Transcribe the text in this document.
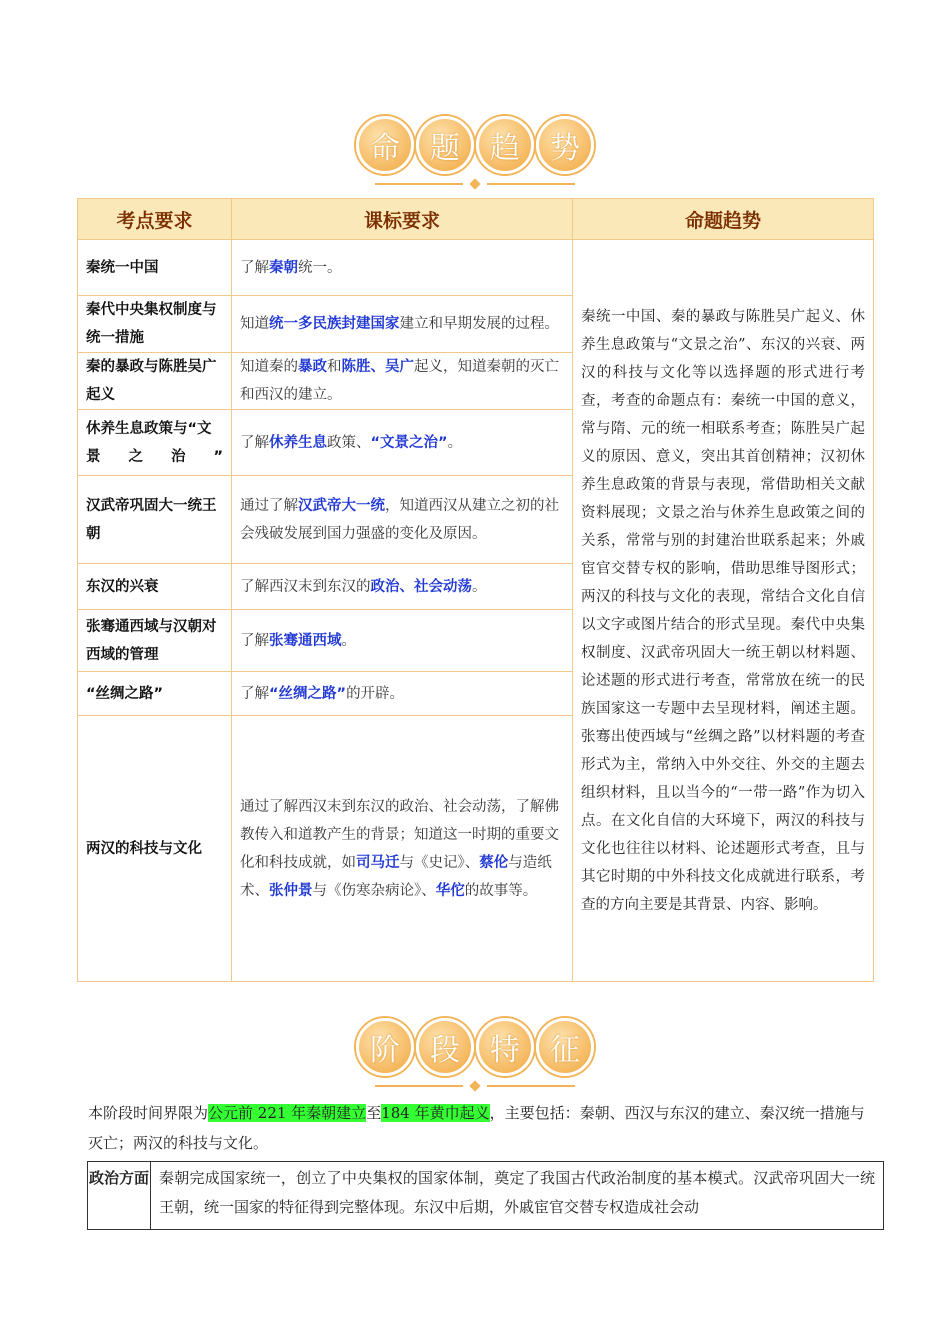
命	题	趋	势
考点要求	课标要求	命题趋势
秦统一中国	了解秦朝统一。	秦统一中国、秦的暴政与陈胜吴广起义、休养生息政策与“文景之治”、东汉的兴衰、两汉的科技与文化等以选择题的形式进行考查，考查的命题点有：秦统一中国的意义，常与隋、元的统一相联系考查；陈胜吴广起义的原因、意义，突出其首创精神；汉初休养生息政策的背景与表现，常借助相关文献资料展现；文景之治与休养生息政策之间的关系，常常与别的封建治世联系起来；外戚宦官交替专权的影响，借助思维导图形式；两汉的科技与文化的表现，常结合文化自信以文字或图片结合的形式呈现。秦代中央集权制度、汉武帝巩固大一统王朝以材料题、论述题的形式进行考查，常常放在统一的民族国家这一专题中去呈现材料，阐述主题。张骞出使西域与“丝绸之路”以材料题的考查形式为主，常纳入中外交往、外交的主题去组织材料，且以当今的“一带一路”作为切入点。在文化自信的大环境下，两汉的科技与文化也往往以材料、论述题形式考查，且与其它时期的中外科技文化成就进行联系，考查的方向主要是其背景、内容、影响。
秦代中央集权制度与统一措施	知道统一多民族封建国家建立和早期发展的过程。	
秦的暴政与陈胜吴广起义	知道秦的暴政和陈胜、吴广起义，知道秦朝的灭亡和西汉的建立。	
休养生息政策与“文景之治”	了解休养生息政策、“文景之治”。	
汉武帝巩固大一统王朝	通过了解汉武帝大一统，知道西汉从建立之初的社会残破发展到国力强盛的变化及原因。	
东汉的兴衰	了解西汉末到东汉的政治、社会动荡。	
张骞通西域与汉朝对西域的管理	了解张骞通西域。	
“丝绸之路”	了解“丝绸之路”的开辟。	
两汉的科技与文化	通过了解西汉末到东汉的政治、社会动荡，了解佛教传入和道教产生的背景；知道这一时期的重要文化和科技成就，如司马迁与《史记》、蔡伦与造纸术、张仲景与《伤寒杂病论》、华佗的故事等。	
阶	段	特	征
本阶段时间界限为公元前 221 年秦朝建立至184 年黄巾起义，主要包括：秦朝、西汉与东汉的建立、秦汉统一措施与灭亡；两汉的科技与文化。
政治方面	秦朝完成国家统一，创立了中央集权的国家体制，奠定了我国古代政治制度的基本模式。汉武帝巩固大一统王朝，统一国家的特征得到完整体现。东汉中后期，外戚宦官交替专权造成社会动
